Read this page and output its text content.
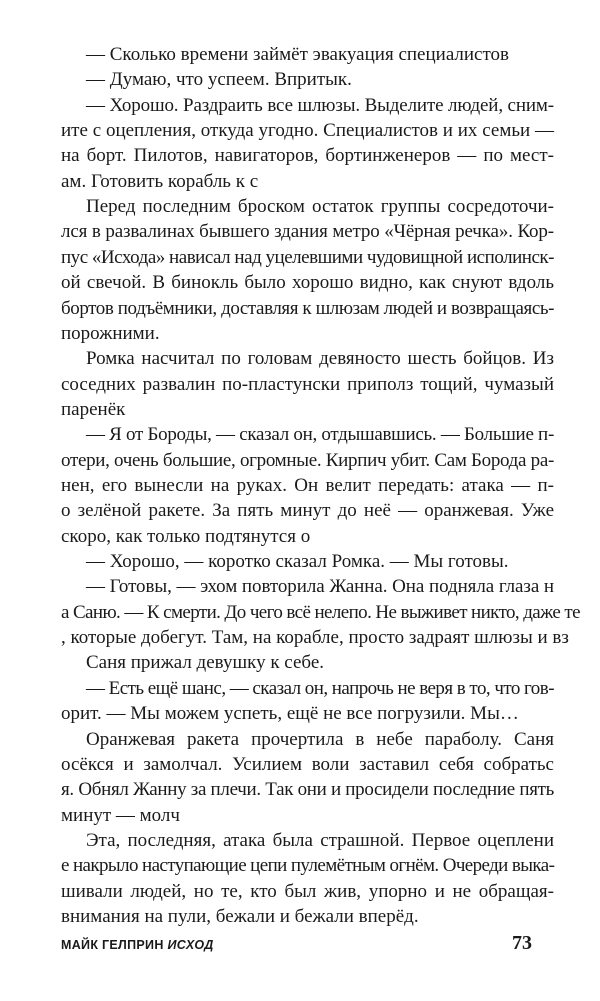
— Сколько времени займёт эвакуация специалистов
— Думаю, что успеем. Впритык.
— Хорошо. Раздраить все шлюзы. Выделите людей, сним-
ите с оцепления, откуда угодно. Специалистов и их семьи —
на борт. Пилотов, навигаторов, бортинженеров — по мест-
ам. Готовить корабль к с
Перед последним броском остаток группы сосредоточи-
лся в развалинах бывшего здания метро «Чёрная речка». Кор-
пус «Исхода» нависал над уцелевшими чудовищной исполинск-
ой свечой. В бинокль было хорошо видно, как снуют вдоль
бортов подъёмники, доставляя к шлюзам людей и возвращаясь-
порожними.
Ромка насчитал по головам девяносто шесть бойцов. Из
соседних развалин по-пластунски приполз тощий, чумазый
паренёк
— Я от Бороды, — сказал он, отдышавшись. — Большие п-
отери, очень большие, огромные. Кирпич убит. Сам Борода ра-
нен, его вынесли на руках. Он велит передать: атака — п-
о зелёной ракете. За пять минут до неё — оранжевая. Уже
скоро, как только подтянутся о
— Хорошо, — коротко сказал Ромка. — Мы готовы.
— Готовы, — эхом повторила Жанна. Она подняла глаза н
а Саню. — К смерти. До чего всё нелепо. Не выживет никто, даже те
, которые добегут. Там, на корабле, просто задраят шлюзы и вз
Саня прижал девушку к себе.
— Есть ещё шанс, — сказал он, напрочь не веря в то, что гов-
орит. — Мы можем успеть, ещё не все погрузили. Мы…
Оранжевая ракета прочертила в небе параболу. Саня
осёкся и замолчал. Усилием воли заставил себя собратьс
я. Обнял Жанну за плечи. Так они и просидели последние пять
минут — молч
Эта, последняя, атака была страшной. Первое оцеплени
е накрыло наступающие цепи пулемётным огнём. Очереди выка-
шивали людей, но те, кто был жив, упорно и не обращая-
внимания на пули, бежали и бежали вперёд.
МАЙК ГЕЛПРИН ИСХОД	73
